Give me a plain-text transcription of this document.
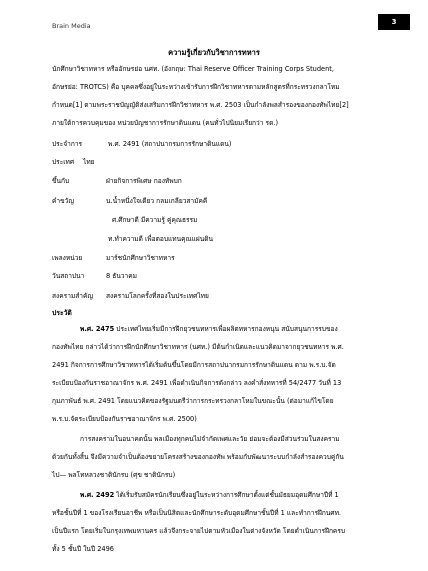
Brain Media	3
ความรู้เกี่ยวกับวิชาการทหาร
นักศึกษาวิชาทหาร หรืออักษรย่อ นศท. (อังกฤษ: Thai Reserve Officer Training Corps Student,
อักษรย่อ: TROTCS) คือ บุคคลซึ่งอยู่ในระหว่างเข้ารับการฝึกวิชาทหารตามหลักสูตรที่กระทรวงกลาโหม
กำหนด[1] ตามพระราชบัญญัติส่งเสริมการฝึกวิชาทหาร พ.ศ. 2503 เป็นกำลังพลสำรองของกองทัพไทย[2]
ภายใต้การควบคุมของ หน่วยบัญชาการรักษาดินแดน (คนทั่วไปนิยมเรียกว่า รด.)
ประจำการ	พ.ศ. 2491 (สถาปนากรมการรักษาดินแดน)
ประเทศ ไทย
ขึ้นกับ	ฝ่ายกิจการพิเศษ กองทัพบก
คำขวัญ	น.น้ำหนึ่งใจเดียว กลมเกลียวสามัคคี
ศ.ศึกษาดี มีความรู้ คู่คุณธรรม
ท.ทำความดี เพื่อตอบแทนคุณแผ่นดิน
เพลงหน่วย	มาร์ชนักศึกษาวิชาทหาร
วันสถาปนา	8 ธันวาคม
สงครามสำคัญ สงครามโลกครั้งที่สองในประเทศไทย
ประวัติ
พ.ศ. 2475 ประเทศไทยเริ่มมีการฝึกยุวชนทหารเพื่อผลิตทหารกองหนุน สนับสนุนการรบของ
กองทัพไทย กล่าวได้ว่าการฝึกนักศึกษาวิชาทหาร (นศท.) มีต้นกำเนิดและแนวคิดมาจากยุวชนทหาร พ.ศ.
2491 กิจการการศึกษาวิชาทหารได้เริ่มต้นขึ้นโดยมีการสถาปนากรมการรักษาดินแดน ตาม พ.ร.บ.จัด
ระเบียบป้องกันราชอาณาจักร พ.ศ. 2491 เพื่อดำเนินกิจการดังกล่าว ลงคำสั่งทหารที่ 54/2477 วันที่ 13
กุมภาพันธ์ พ.ศ. 2491 โดยแนวคิดของรัฐมนตรีว่าการกระทรวงกลาโหมในขณะนั้น (ต่อมาแก้ไขโดย
พ.ร.บ.จัดระเบียบป้องกันราชอาณาจักร พ.ศ. 2500)
การสงครามในอนาคตนั้น พลเมืองทุกคนไม่จำกัดเพศและวัย ย่อมจะต้องมีส่วนร่วมในสงคราม
ด้วยกันทั้งสิ้น จึงมีความจำเป็นต้องขยายโครงสร้างของกองทัพ พร้อมกับพัฒนาระบบกำลังสำรองควบคู่กัน
ไป— พลโทหลวงชาตินักรบ (ศุข ชาตินักรบ)
พ.ศ. 2492 ได้เริ่มรับสมัครนักเรียนซึ่งอยู่ในระหว่างการศึกษาตั้งแต่ชั้นมัธยมอุดมศึกษาปีที่ 1
หรือชั้นปีที่ 1 ของโรงเรียนอาชีพ หรือเป็นนิสิตและนักศึกษาระดับอุดมศึกษาชั้นปีที่ 1 และทำการฝึกนศท.
เป็นปีแรก โดยเริ่มในกรุงเทพมหานคร แล้วจึงกระจายไปตามหัวเมืองในต่างจังหวัด โดยดำเนินการฝึกครบ
ทั้ง 5 ชั้นปี ในปี 2496
